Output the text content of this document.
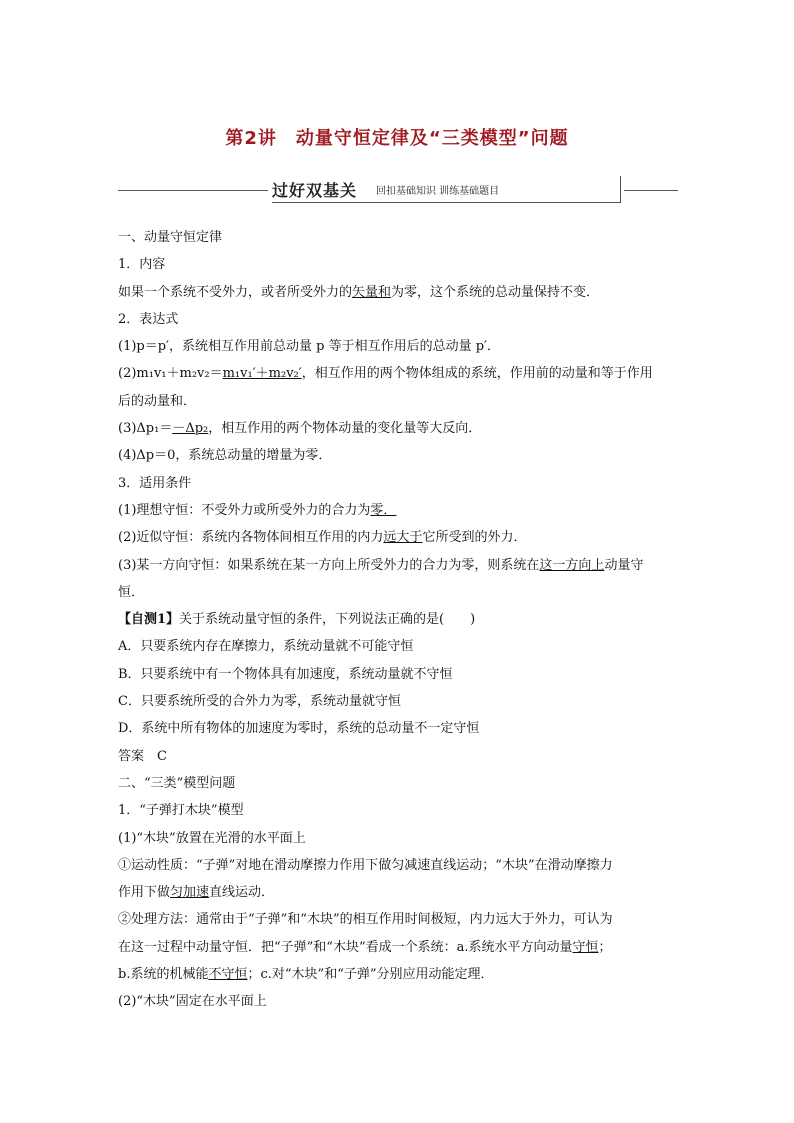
第2讲　动量守恒定律及“三类模型”问题
过好双基关 回扣基础知识 训练基础题目
一、动量守恒定律
1．内容
如果一个系统不受外力，或者所受外力的矢量和为零，这个系统的总动量保持不变．
2．表达式
(1)p＝p′，系统相互作用前总动量 p 等于相互作用后的总动量 p′．
(2)m₁v₁＋m₂v₂＝m₁v₁′＋m₂v₂′，相互作用的两个物体组成的系统，作用前的动量和等于作用
后的动量和．
(3)Δp₁＝－Δp₂，相互作用的两个物体动量的变化量等大反向．
(4)Δp＝0，系统总动量的增量为零．
3．适用条件
(1)理想守恒：不受外力或所受外力的合力为零．
(2)近似守恒：系统内各物体间相互作用的内力远大于它所受到的外力．
(3)某一方向守恒：如果系统在某一方向上所受外力的合力为零，则系统在这一方向上动量守
恒．
【自测1】关于系统动量守恒的条件，下列说法正确的是(　　)
A．只要系统内存在摩擦力，系统动量就不可能守恒
B．只要系统中有一个物体具有加速度，系统动量就不守恒
C．只要系统所受的合外力为零，系统动量就守恒
D．系统中所有物体的加速度为零时，系统的总动量不一定守恒
答案　C
二、“三类”模型问题
1．“子弹打木块”模型
(1)“木块”放置在光滑的水平面上
①运动性质：“子弹”对地在滑动摩擦力作用下做匀减速直线运动；“木块”在滑动摩擦力
作用下做匀加速直线运动．
②处理方法：通常由于“子弹”和“木块”的相互作用时间极短，内力远大于外力，可认为
在这一过程中动量守恒．把“子弹”和“木块”看成一个系统：a.系统水平方向动量守恒；
b.系统的机械能不守恒；c.对“木块”和“子弹”分别应用动能定理．
(2)“木块”固定在水平面上
